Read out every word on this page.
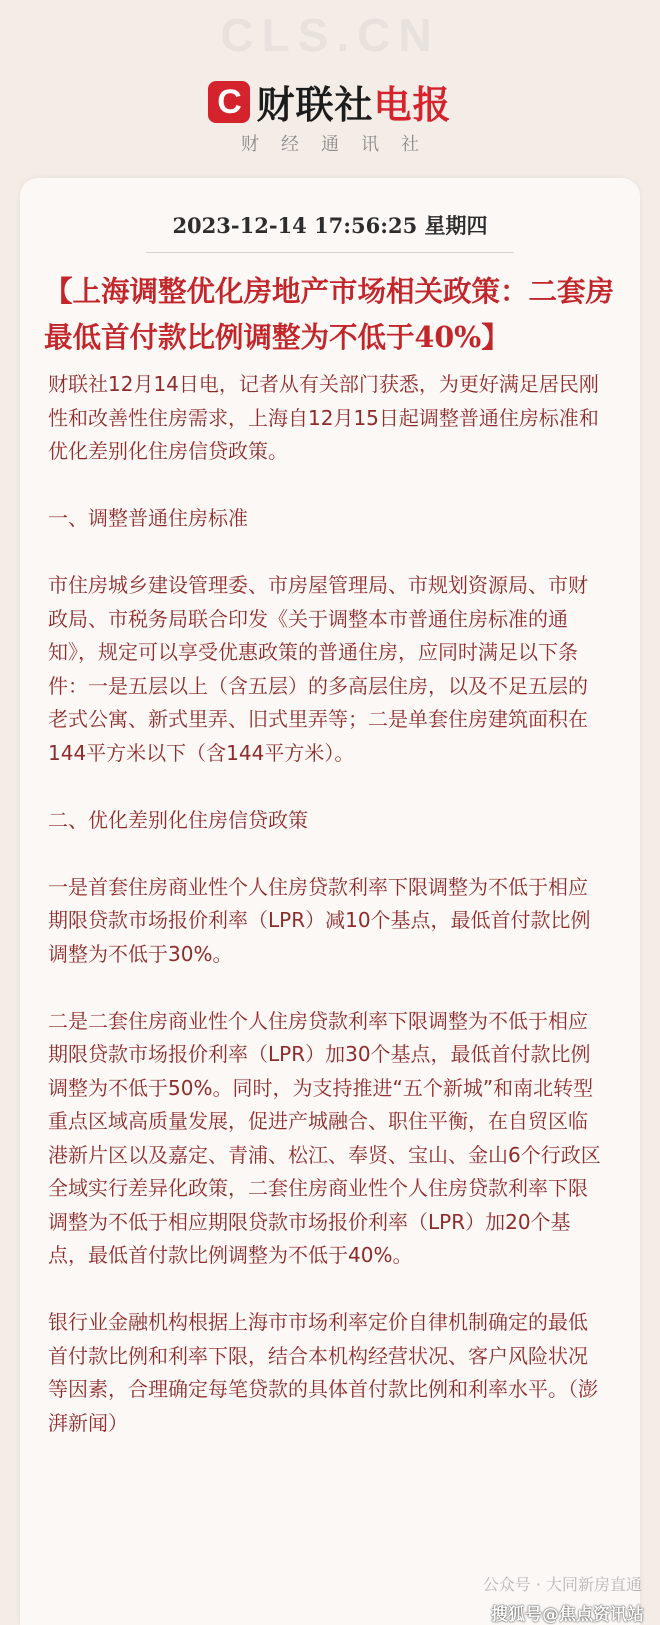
CLS.CN
C 财联社电报
财经通讯社
2023-12-14 17:56:25 星期四
【上海调整优化房地产市场相关政策：二套房最低首付款比例调整为不低于40%】

财联社12月14日电，记者从有关部门获悉，为更好满足居民刚性和改善性住房需求，上海自12月15日起调整普通住房标准和优化差别化住房信贷政策。

一、调整普通住房标准

市住房城乡建设管理委、市房屋管理局、市规划资源局、市财政局、市税务局联合印发《关于调整本市普通住房标准的通知》，规定可以享受优惠政策的普通住房，应同时满足以下条件：一是五层以上（含五层）的多高层住房，以及不足五层的老式公寓、新式里弄、旧式里弄等；二是单套住房建筑面积在144平方米以下（含144平方米）。

二、优化差别化住房信贷政策

一是首套住房商业性个人住房贷款利率下限调整为不低于相应期限贷款市场报价利率（LPR）减10个基点，最低首付款比例调整为不低于30%。

二是二套住房商业性个人住房贷款利率下限调整为不低于相应期限贷款市场报价利率（LPR）加30个基点，最低首付款比例调整为不低于50%。同时，为支持推进“五个新城”和南北转型重点区域高质量发展，促进产城融合、职住平衡，在自贸区临港新片区以及嘉定、青浦、松江、奉贤、宝山、金山6个行政区全域实行差异化政策，二套住房商业性个人住房贷款利率下限调整为不低于相应期限贷款市场报价利率（LPR）加20个基点，最低首付款比例调整为不低于40%。

银行业金融机构根据上海市市场利率定价自律机制确定的最低首付款比例和利率下限，结合本机构经营状况、客户风险状况等因素，合理确定每笔贷款的具体首付款比例和利率水平。（澎湃新闻）

公众号 · 大同新房直通
搜狐号@焦点资讯站
